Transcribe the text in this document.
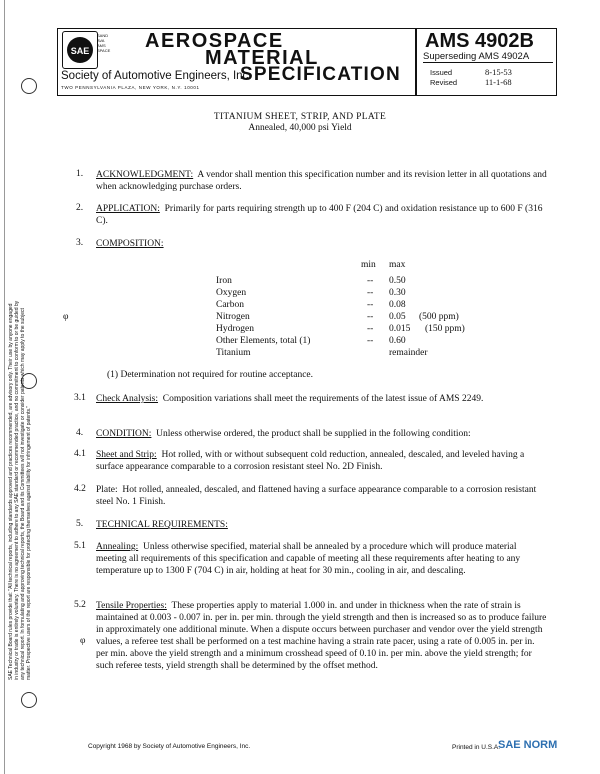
SAE Technical Board rules provide that: "All technical reports, including standards approved and practices recommended, are advisory only. Their use by anyone engaged in industry or trade is entirely voluntary. There is no agreement to adhere to any SAE standard or recommended practice, and no commitment to conform to or be guided by any technical report. In formulating and approving technical reports, the Board and its Committees will not investigate or consider patents which may apply to the subject matter. Prospective users of the report are responsible for protecting themselves against liability for infringement of patents."
SAE
SAND
AVA
AMS
SPACE AEROSPACE
MATERIAL
SPECIFICATION
Society of Automotive Engineers, Inc.
TWO PENNSYLVANIA PLAZA, NEW YORK, N.Y. 10001
AMS 4902B
Superseding AMS 4902A
Issued	8-15-53
Revised	11-1-68
TITANIUM SHEET, STRIP, AND PLATE
Annealed, 40,000 psi Yield
1. ACKNOWLEDGMENT: A vendor shall mention this specification number and its revision letter in all quotations and when acknowledging purchase orders.
2. APPLICATION: Primarily for parts requiring strength up to 400 F (204 C) and oxidation resistance up to 600 F (316 C).
3. COMPOSITION:
min max
Iron	-- 0.50
Oxygen	-- 0.30
Carbon	-- 0.08
φ	Nitrogen	-- 0.05 (500 ppm)
Hydrogen	-- 0.015 (150 ppm)
Other Elements, total (1)	-- 0.60
Titanium	remainder
(1) Determination not required for routine acceptance.
3.1 Check Analysis: Composition variations shall meet the requirements of the latest issue of AMS 2249.
4. CONDITION: Unless otherwise ordered, the product shall be supplied in the following condition:
4.1 Sheet and Strip: Hot rolled, with or without subsequent cold reduction, annealed, descaled, and leveled having a surface appearance comparable to a corrosion resistant steel No. 2D Finish.
4.2 Plate: Hot rolled, annealed, descaled, and flattened having a surface appearance comparable to a corrosion resistant steel No. 1 Finish.
5. TECHNICAL REQUIREMENTS:
5.1 Annealing: Unless otherwise specified, material shall be annealed by a procedure which will produce material meeting all requirements of this specification and capable of meeting all these requirements after heating to any temperature up to 1300 F (704 C) in air, holding at heat for 30 min., cooling in air, and descaling.
5.2
φ
Tensile Properties: These properties apply to material 1.000 in. and under in thickness when the rate of strain is maintained at 0.003 - 0.007 in. per in. per min. through the yield strength and then is increased so as to produce failure in approximately one additional minute. When a dispute occurs between purchaser and vendor over the yield strength values, a referee test shall be performed on a test machine having a strain rate pacer, using a rate of 0.005 in. per in. per min. above the yield strength and a minimum crosshead speed of 0.10 in. per min. above the yield strength; for such referee tests, yield strength shall be determined by the offset method.
Copyright 1968 by Society of Automotive Engineers, Inc.	Printed in U.S.A.
SAE NORM
